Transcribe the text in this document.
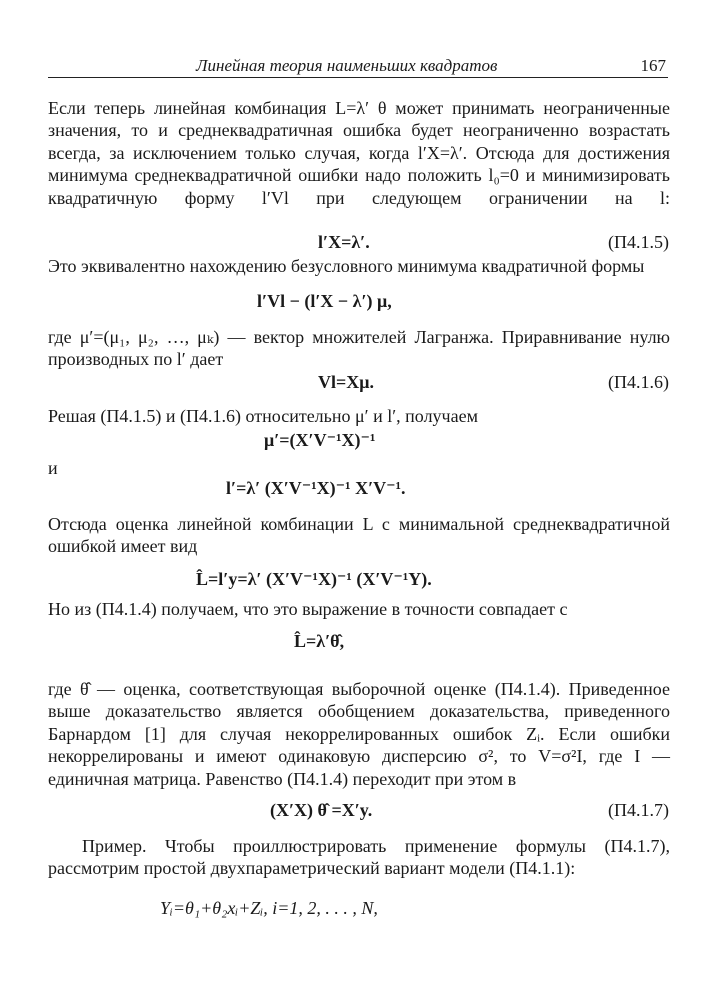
Линейная теория наименьших квадратов	167

Если теперь линейная комбинация L=λ′ θ может принимать неограниченные значения, то и среднеквадратичная ошибка будет неограниченно возрастать всегда, за исключением только случая, когда l′X=λ′. Отсюда для достижения минимума среднеквадратичной ошибки надо положить l₀=0 и минимизировать квадратичную форму l′Vl при следующем ограничении на l:

l′X=λ′.	(П4.1.5)

Это эквивалентно нахождению безусловного минимума квадратичной формы

l′Vl − (l′X − λ′) μ,

где μ′=(μ₁, μ₂, …, μₖ) — вектор множителей Лагранжа. Приравнивание нулю производных по l′ дает

Vl=Xμ.	(П4.1.6)

Решая (П4.1.5) и (П4.1.6) относительно μ′ и l′, получаем

μ′=(X′V⁻¹X)⁻¹
и
l′=λ′ (X′V⁻¹X)⁻¹ X′V⁻¹.

Отсюда оценка линейной комбинации L с минимальной среднеквадратичной ошибкой имеет вид

L̂=l′y=λ′ (X′V⁻¹X)⁻¹ (X′V⁻¹Y).

Но из (П4.1.4) получаем, что это выражение в точности совпадает с

L̂=λ′θ̂,

где θ̂ — оценка, соответствующая выборочной оценке (П4.1.4). Приведенное выше доказательство является обобщением доказательства, приведенного Барнардом [1] для случая некоррелированных ошибок Zᵢ. Если ошибки некоррелированы и имеют одинаковую дисперсию σ², то V=σ²I, где I — единичная матрица. Равенство (П4.1.4) переходит при этом в

(X′X) θ̂ =X′y.	(П4.1.7)

Пример. Чтобы проиллюстрировать применение формулы (П4.1.7), рассмотрим простой двухпараметрический вариант модели (П4.1.1):

Yᵢ=θ₁+θ₂xᵢ+Zᵢ, i=1, 2, . . . , N,
